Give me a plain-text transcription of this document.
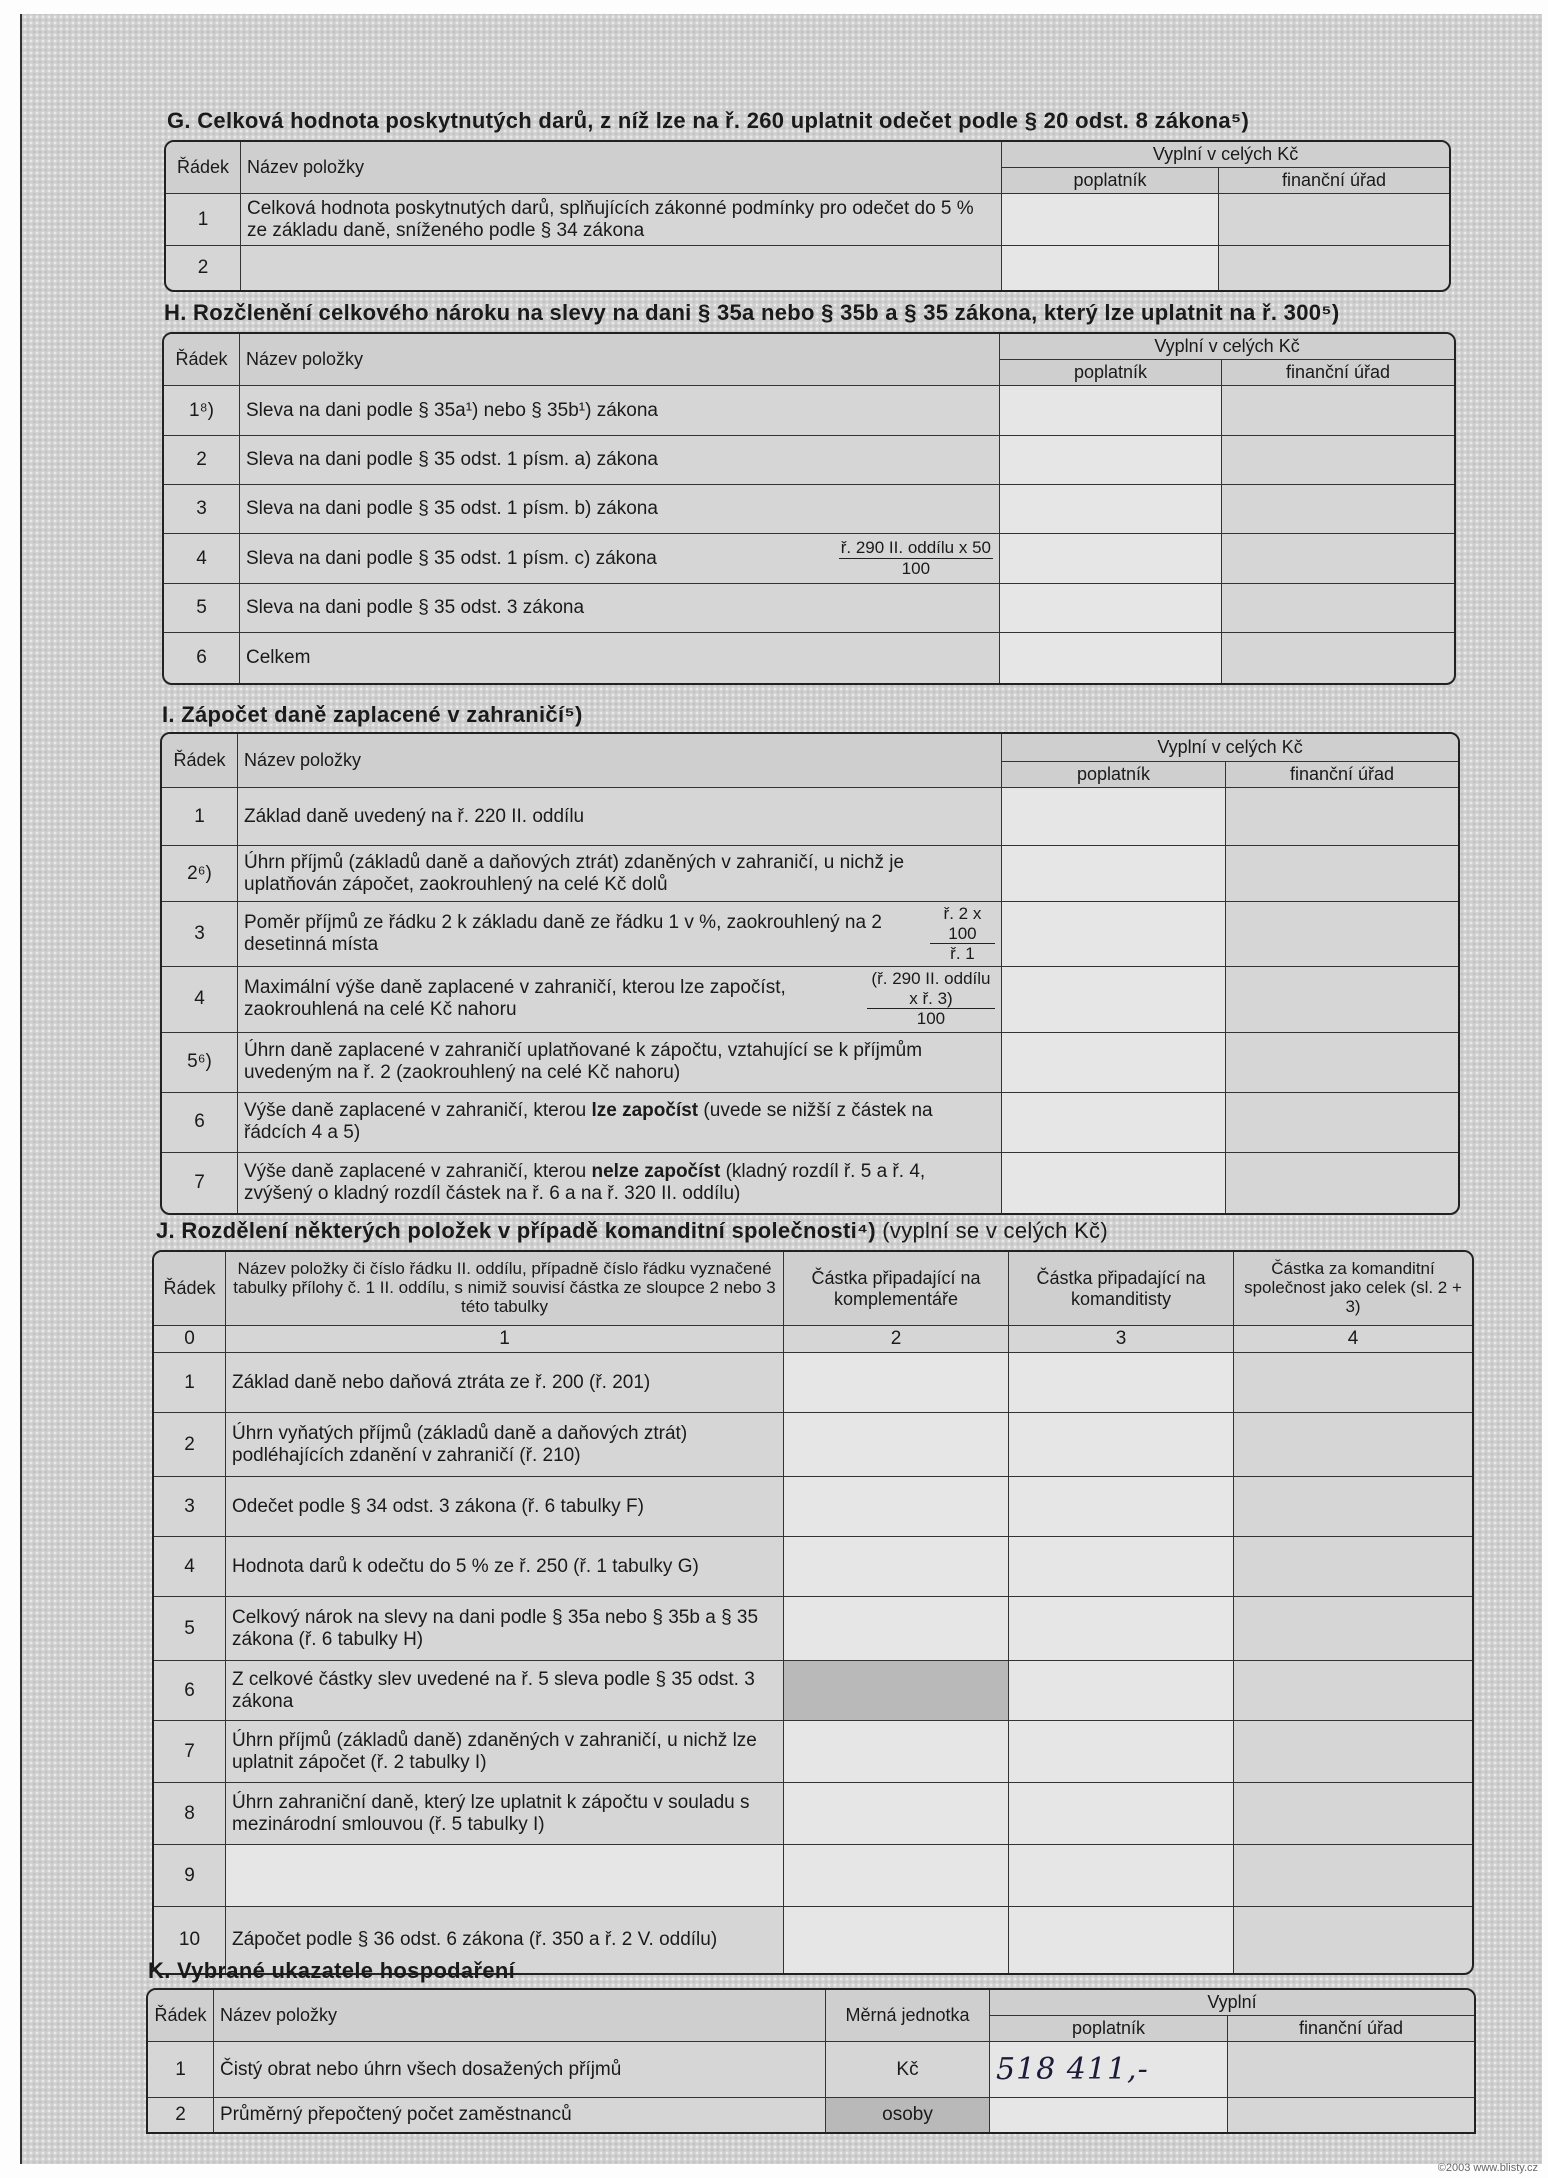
G. Celková hodnota poskytnutých darů, z níž lze na ř. 260 uplatnit odečet podle § 20 odst. 8 zákona⁵)
Řádek	Název položky	Vyplní v celých Kč	
		poplatník	finanční úřad
1	Celková hodnota poskytnutých darů, splňujících zákonné podmínky pro odečet do 5 % ze základu daně, sníženého podle § 34 zákona		
2			
H. Rozčlenění celkového nároku na slevy na dani § 35a nebo § 35b a § 35 zákona, který lze uplatnit na ř. 300⁵)
Řádek	Název položky	Vyplní v celých Kč	
		poplatník	finanční úřad
1⁸)	Sleva na dani podle § 35a¹) nebo § 35b¹) zákona		
2	Sleva na dani podle § 35 odst. 1 písm. a) zákona		
3	Sleva na dani podle § 35 odst. 1 písm. b) zákona		
4	Sleva na dani podle § 35 odst. 1 písm. c) zákona $\frac{\text{ř. 290 II. oddílu x 50}}{100}$

5	Sleva na dani podle § 35 odst. 3 zákona		
6	Celkem		
I. Zápočet daně zaplacené v zahraničí⁵)
Řádek	Název položky	Vyplní v celých Kč	
		poplatník	finanční úřad
1	Základ daně uvedený na ř. 220 II. oddílu		
2⁶)	Úhrn příjmů (základů daně a daňových ztrát) zdaněných v zahraničí, u nichž je uplatňován zápočet, zaokrouhlený na celé Kč dolů		
3	Poměr příjmů ze řádku 2 k základu daně ze řádku 1 v %, zaokrouhlený na 2 desetinná místa $\frac{ř. 2 x 100}{ř. 1}$

4	Maximální výše daně zaplacené v zahraničí, kterou lze započíst, zaokrouhlená na celé Kč nahoru $\frac{\text{(ř. 290 II. oddílu x ř. 3)}}{100}$

5⁶)	Úhrn daně zaplacené v zahraničí uplatňované k zápočtu, vztahující se k příjmům uvedeným na ř. 2 (zaokrouhlený na celé Kč nahoru)		
6	Výše daně zaplacené v zahraničí, kterou lze započíst (uvede se nižší z částek na řádcích 4 a 5)		
7	Výše daně zaplacené v zahraničí, kterou nelze započíst (kladný rozdíl ř. 5 a ř. 4, zvýšený o kladný rozdíl částek na ř. 6 a na ř. 320 II. oddílu)		
J. Rozdělení některých položek v případě komanditní společnosti⁴) (vyplní se v celých Kč)
Řádek	Název položky či číslo řádku II. oddílu, případně číslo řádku vyznačené tabulky přílohy č. 1 II. oddílu, s nimiž souvisí částka ze sloupce 2 nebo 3 této tabulky	Částka připadající na komplementáře	Částka připadající na komanditisty	Částka za komanditní společnost jako celek (sl. 2 + 3)
0	1	2	3	4
1	Základ daně nebo daňová ztráta ze ř. 200 (ř. 201)			
2	Úhrn vyňatých příjmů (základů daně a daňových ztrát) podléhajících zdanění v zahraničí (ř. 210)			
3	Odečet podle § 34 odst. 3 zákona (ř. 6 tabulky F)			
4	Hodnota darů k odečtu do 5 % ze ř. 250 (ř. 1 tabulky G)			
5	Celkový nárok na slevy na dani podle § 35a nebo § 35b a § 35 zákona (ř. 6 tabulky H)			
6	Z celkové částky slev uvedené na ř. 5 sleva podle § 35 odst. 3 zákona			
7	Úhrn příjmů (základů daně) zdaněných v zahraničí, u nichž lze uplatnit zápočet (ř. 2 tabulky I)			
8	Úhrn zahraniční daně, který lze uplatnit k zápočtu v souladu s mezinárodní smlouvou (ř. 5 tabulky I)			
9				
10	Zápočet podle § 36 odst. 6 zákona (ř. 350 a ř. 2 V. oddílu)			
K. Vybrané ukazatele hospodaření
Řádek	Název položky	Měrná jednotka	Vyplní	
			poplatník	finanční úřad
1	Čistý obrat nebo úhrn všech dosažených příjmů	Kč	518 411,-	
2	Průměrný přepočtený počet zaměstnanců	osoby		
©2003 www.blisty.cz
